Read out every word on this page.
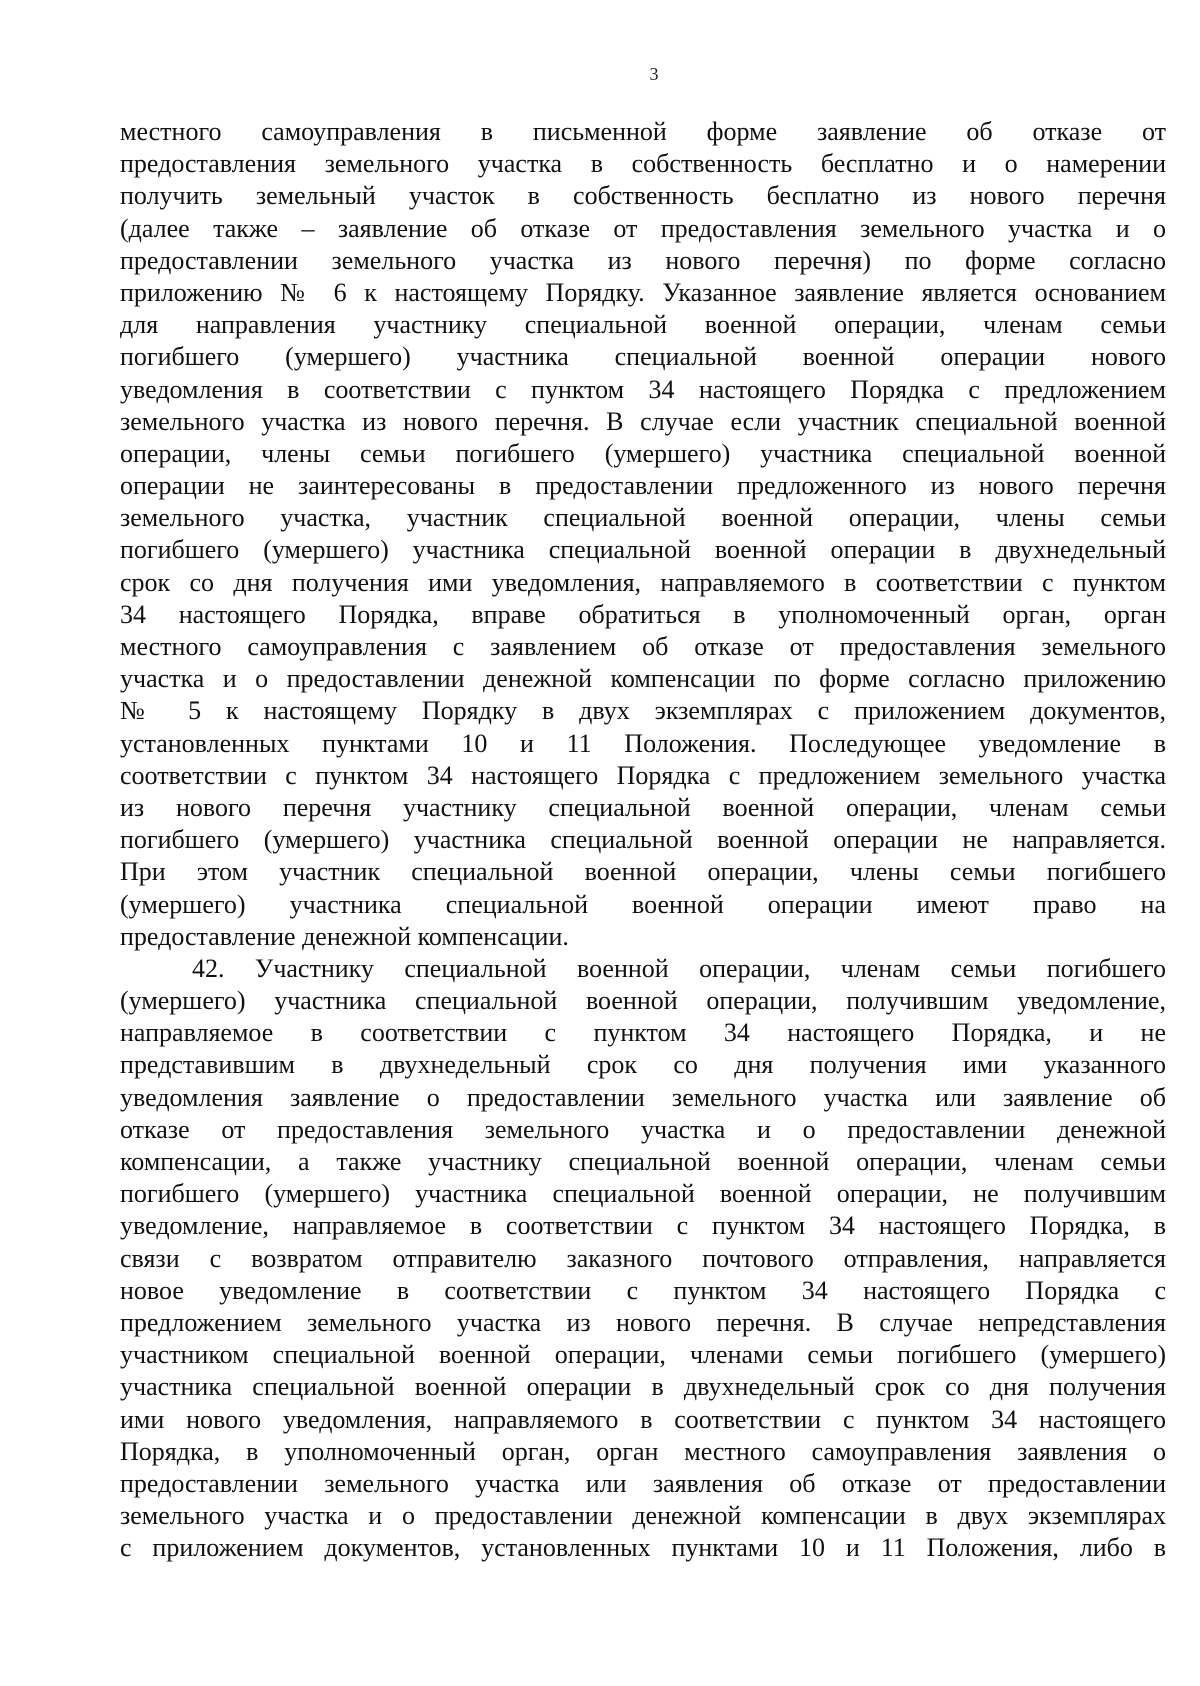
3
местного самоуправления в письменной форме заявление об отказе от
предоставления земельного участка в собственность бесплатно и о намерении
получить земельный участок в собственность бесплатно из нового перечня
(далее также – заявление об отказе от предоставления земельного участка и о
предоставлении земельного участка из нового перечня) по форме согласно
приложению № 6 к настоящему Порядку. Указанное заявление является основанием
для направления участнику специальной военной операции, членам семьи
погибшего (умершего) участника специальной военной операции нового
уведомления в соответствии с пунктом 34 настоящего Порядка с предложением
земельного участка из нового перечня. В случае если участник специальной военной
операции, члены семьи погибшего (умершего) участника специальной военной
операции не заинтересованы в предоставлении предложенного из нового перечня
земельного участка, участник специальной военной операции, члены семьи
погибшего (умершего) участника специальной военной операции в двухнедельный
срок со дня получения ими уведомления, направляемого в соответствии с пунктом
34 настоящего Порядка, вправе обратиться в уполномоченный орган, орган
местного самоуправления с заявлением об отказе от предоставления земельного
участка и о предоставлении денежной компенсации по форме согласно приложению
№ 5 к настоящему Порядку в двух экземплярах с приложением документов,
установленных пунктами 10 и 11 Положения. Последующее уведомление в
соответствии с пунктом 34 настоящего Порядка с предложением земельного участка
из нового перечня участнику специальной военной операции, членам семьи
погибшего (умершего) участника специальной военной операции не направляется.
При этом участник специальной военной операции, члены семьи погибшего
(умершего) участника специальной военной операции имеют право на
предоставление денежной компенсации.
42. Участнику специальной военной операции, членам семьи погибшего
(умершего) участника специальной военной операции, получившим уведомление,
направляемое в соответствии с пунктом 34 настоящего Порядка, и не
представившим в двухнедельный срок со дня получения ими указанного
уведомления заявление о предоставлении земельного участка или заявление об
отказе от предоставления земельного участка и о предоставлении денежной
компенсации, а также участнику специальной военной операции, членам семьи
погибшего (умершего) участника специальной военной операции, не получившим
уведомление, направляемое в соответствии с пунктом 34 настоящего Порядка, в
связи с возвратом отправителю заказного почтового отправления, направляется
новое уведомление в соответствии с пунктом 34 настоящего Порядка с
предложением земельного участка из нового перечня. В случае непредставления
участником специальной военной операции, членами семьи погибшего (умершего)
участника специальной военной операции в двухнедельный срок со дня получения
ими нового уведомления, направляемого в соответствии с пунктом 34 настоящего
Порядка, в уполномоченный орган, орган местного самоуправления заявления о
предоставлении земельного участка или заявления об отказе от предоставлении
земельного участка и о предоставлении денежной компенсации в двух экземплярах
с приложением документов, установленных пунктами 10 и 11 Положения, либо в
